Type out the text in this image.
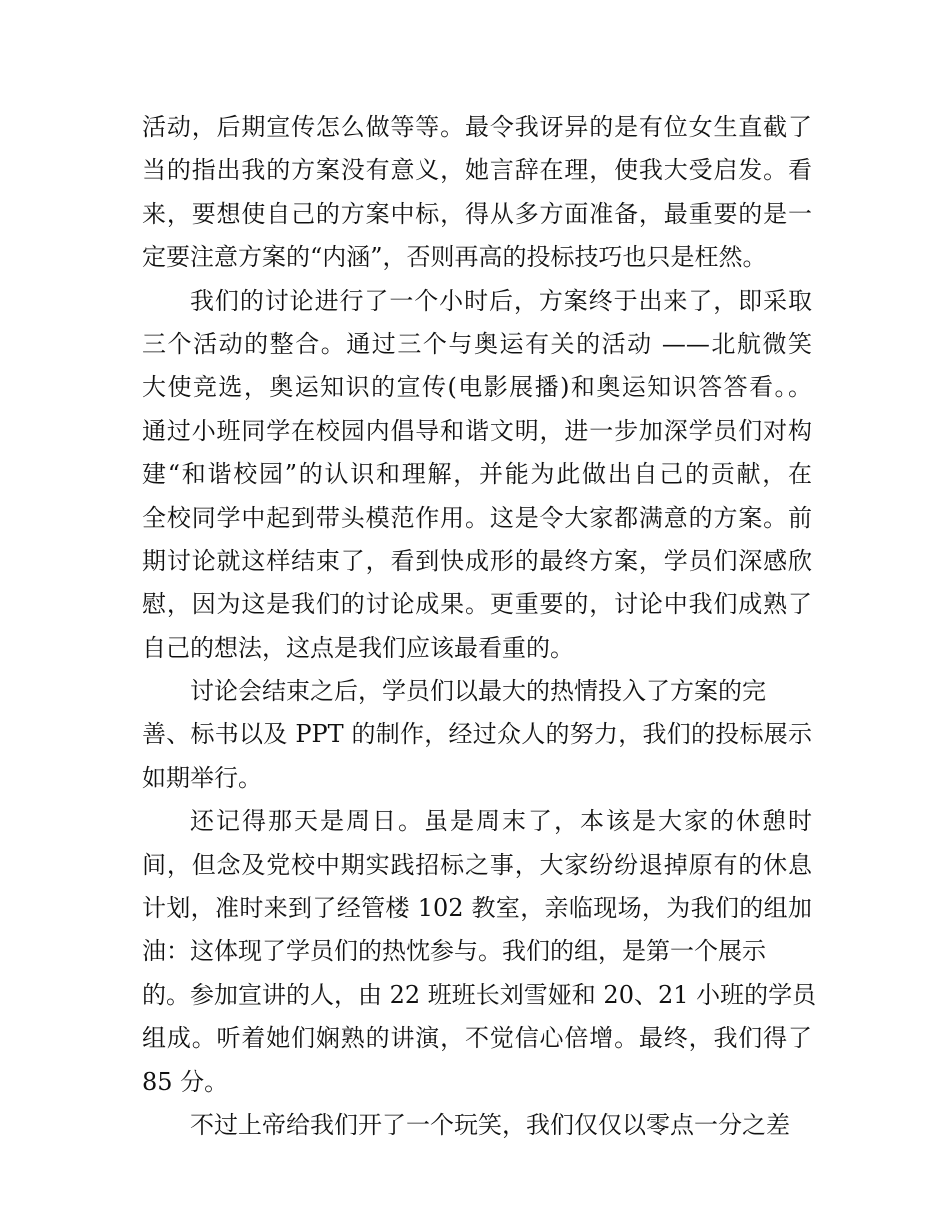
活动，后期宣传怎么做等等。最令我讶异的是有位女生直截了
当的指出我的方案没有意义，她言辞在理，使我大受启发。看
来，要想使自己的方案中标，得从多方面准备，最重要的是一
定要注意方案的“内涵”，否则再高的投标技巧也只是枉然。
我们的讨论进行了一个小时后，方案终于出来了，即采取
三个活动的整合。通过三个与奥运有关的活动 ——北航微笑
大使竞选，奥运知识的宣传(电影展播)和奥运知识答答看。。
通过小班同学在校园内倡导和谐文明，进一步加深学员们对构
建“和谐校园”的认识和理解，并能为此做出自己的贡献，在
全校同学中起到带头模范作用。这是令大家都满意的方案。前
期讨论就这样结束了，看到快成形的最终方案，学员们深感欣
慰，因为这是我们的讨论成果。更重要的，讨论中我们成熟了
自己的想法，这点是我们应该最看重的。
讨论会结束之后，学员们以最大的热情投入了方案的完
善、标书以及 PPT 的制作，经过众人的努力，我们的投标展示
如期举行。
还记得那天是周日。虽是周末了，本该是大家的休憩时
间，但念及党校中期实践招标之事，大家纷纷退掉原有的休息
计划，准时来到了经管楼 102 教室，亲临现场，为我们的组加
油：这体现了学员们的热忱参与。我们的组，是第一个展示
的。参加宣讲的人，由 22 班班长刘雪娅和 20、21 小班的学员
组成。听着她们娴熟的讲演，不觉信心倍增。最终，我们得了
85 分。
不过上帝给我们开了一个玩笑，我们仅仅以零点一分之差
